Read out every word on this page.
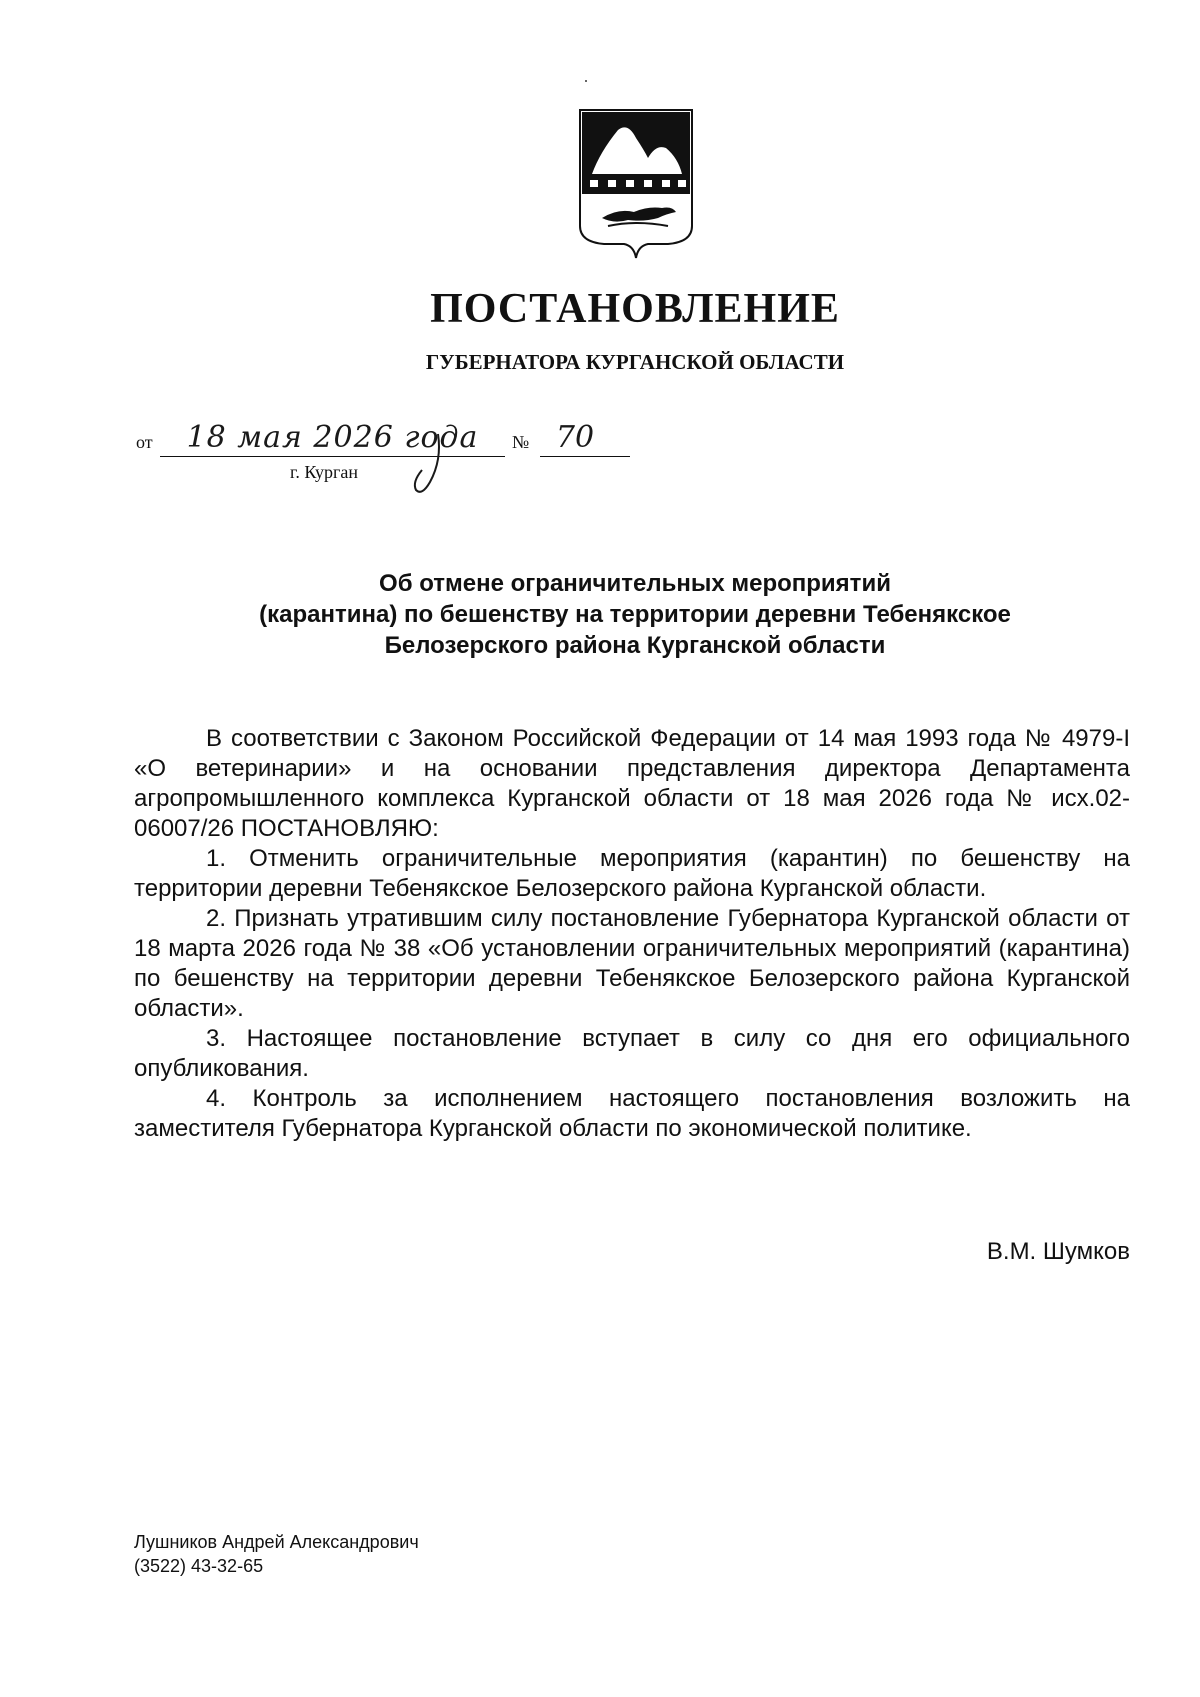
ПОСТАНОВЛЕНИЕ
ГУБЕРНАТОРА КУРГАНСКОЙ ОБЛАСТИ
от	18 мая 2026 года	№ 70
г. Курган
Об отмене ограничительных мероприятий
(карантина) по бешенству на территории деревни Тебенякское
Белозерского района Курганской области

В соответствии с Законом Российской Федерации от 14 мая 1993 года № 4979-I «О ветеринарии» и на основании представления директора Департамента агропромышленного комплекса Курганской области от 18 мая 2026 года № исх.02-06007/26 ПОСТАНОВЛЯЮ:

1. Отменить ограничительные мероприятия (карантин) по бешенству на территории деревни Тебенякское Белозерского района Курганской области.

2. Признать утратившим силу постановление Губернатора Курганской области от 18 марта 2026 года № 38 «Об установлении ограничительных мероприятий (карантина) по бешенству на территории деревни Тебенякское Белозерского района Курганской области».

3. Настоящее постановление вступает в силу со дня его официального опубликования.

4. Контроль за исполнением настоящего постановления возложить на заместителя Губернатора Курганской области по экономической политике.

В.М. Шумков
Лушников Андрей Александрович
(3522) 43-32-65
